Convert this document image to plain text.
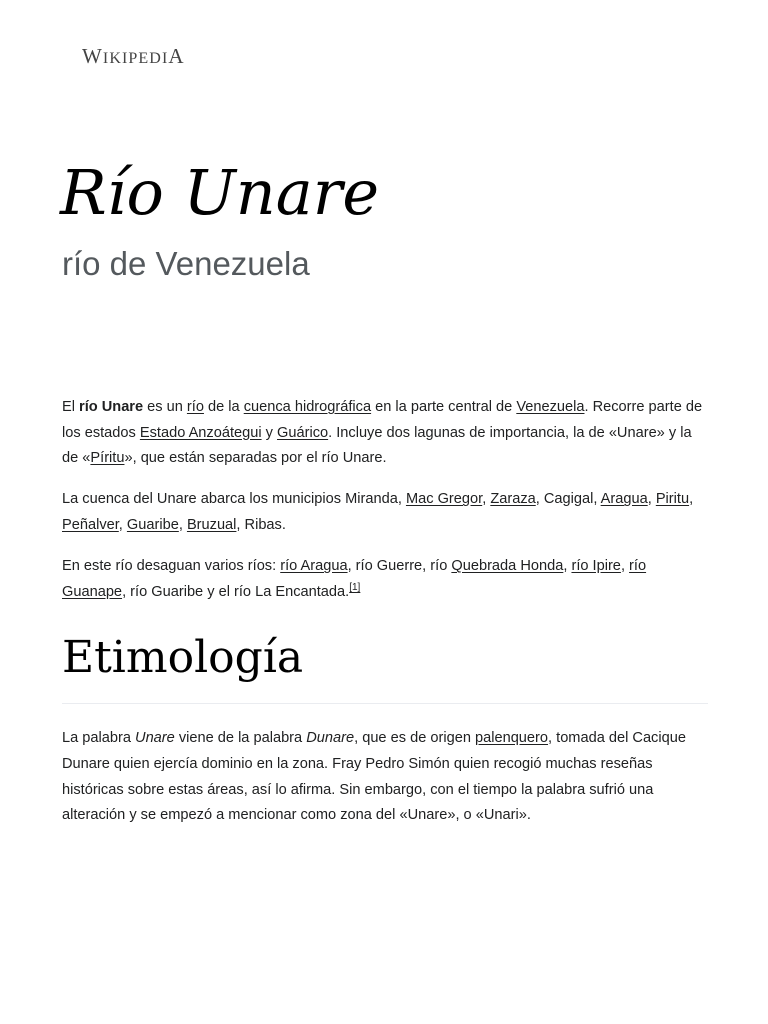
WIKIPEDIA
Río Unare
río de Venezuela

El río Unare es un río de la cuenca hidrográfica en la parte central de Venezuela. Recorre parte de los estados Estado Anzoátegui y Guárico. Incluye dos lagunas de importancia, la de «Unare» y la de «Píritu», que están separadas por el río Unare.

La cuenca del Unare abarca los municipios Miranda, Mac Gregor, Zaraza, Cagigal, Aragua, Piritu, Peñalver, Guaribe, Bruzual, Ribas.

En este río desaguan varios ríos: río Aragua, río Guerre, río Quebrada Honda, río Ipire, río Guanape, río Guaribe y el río La Encantada.[1]

Etimología

La palabra Unare viene de la palabra Dunare, que es de origen palenquero, tomada del Cacique Dunare quien ejercía dominio en la zona. Fray Pedro Simón quien recogió muchas reseñas históricas sobre estas áreas, así lo afirma. Sin embargo, con el tiempo la palabra sufrió una alteración y se empezó a mencionar como zona del «Unare», o «Unari».
